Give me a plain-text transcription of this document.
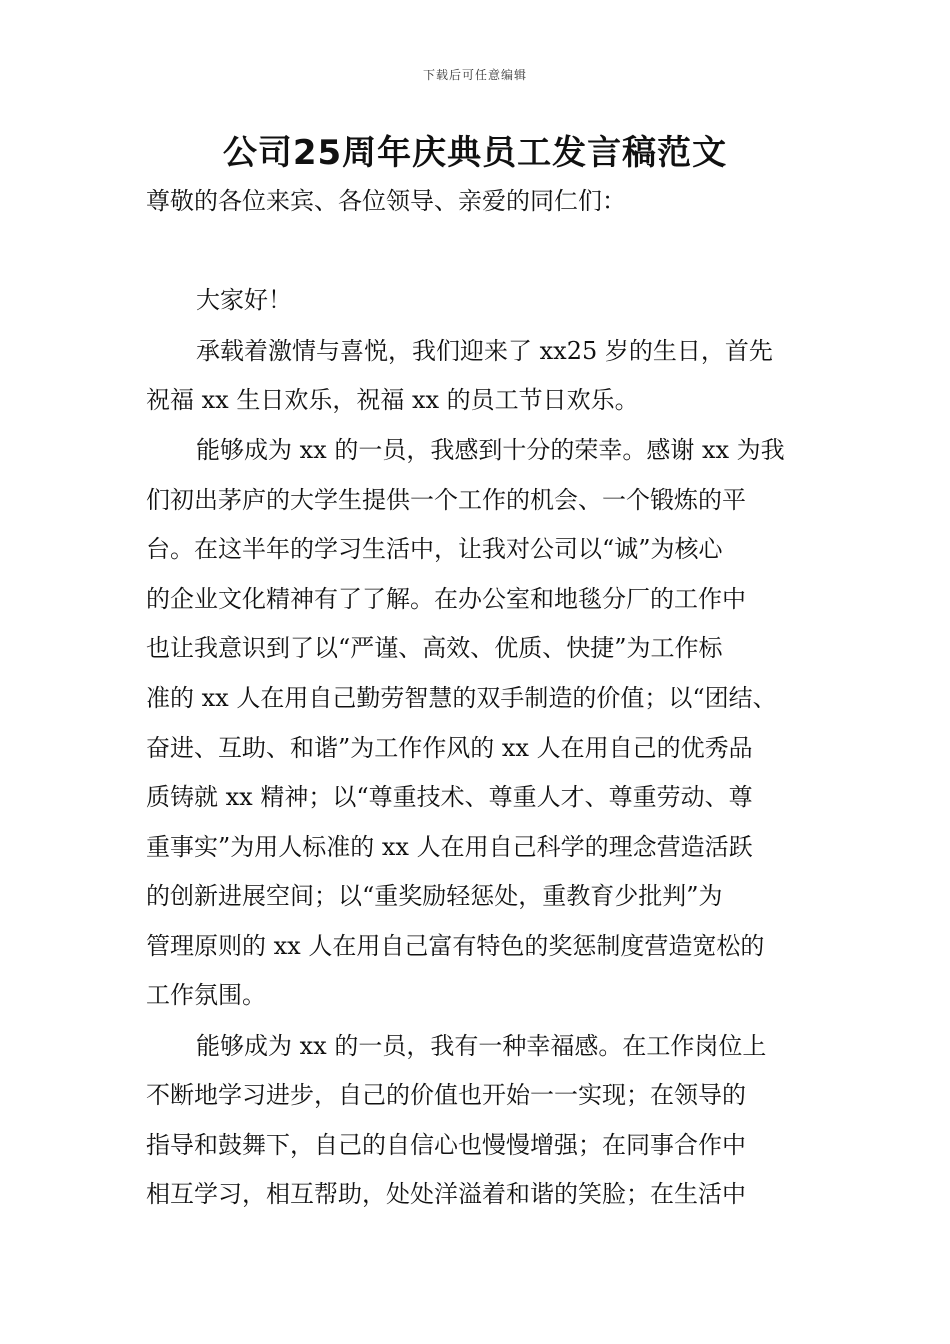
下载后可任意编辑
公司25周年庆典员工发言稿范文
尊敬的各位来宾、各位领导、亲爱的同仁们：
大家好！
承载着激情与喜悦，我们迎来了 xx25 岁的生日，首先
祝福 xx 生日欢乐，祝福 xx 的员工节日欢乐。
能够成为 xx 的一员，我感到十分的荣幸。感谢 xx 为我
们初出茅庐的大学生提供一个工作的机会、一个锻炼的平
台。在这半年的学习生活中，让我对公司以“诚”为核心
的企业文化精神有了了解。在办公室和地毯分厂的工作中
也让我意识到了以“严谨、高效、优质、快捷”为工作标
准的 xx 人在用自己勤劳智慧的双手制造的价值；以“团结、
奋进、互助、和谐”为工作作风的 xx 人在用自己的优秀品
质铸就 xx 精神；以“尊重技术、尊重人才、尊重劳动、尊
重事实”为用人标准的 xx 人在用自己科学的理念营造活跃
的创新进展空间；以“重奖励轻惩处，重教育少批判”为
管理原则的 xx 人在用自己富有特色的奖惩制度营造宽松的
工作氛围。
能够成为 xx 的一员，我有一种幸福感。在工作岗位上
不断地学习进步，自己的价值也开始一一实现；在领导的
指导和鼓舞下，自己的自信心也慢慢增强；在同事合作中
相互学习，相互帮助，处处洋溢着和谐的笑脸；在生活中
